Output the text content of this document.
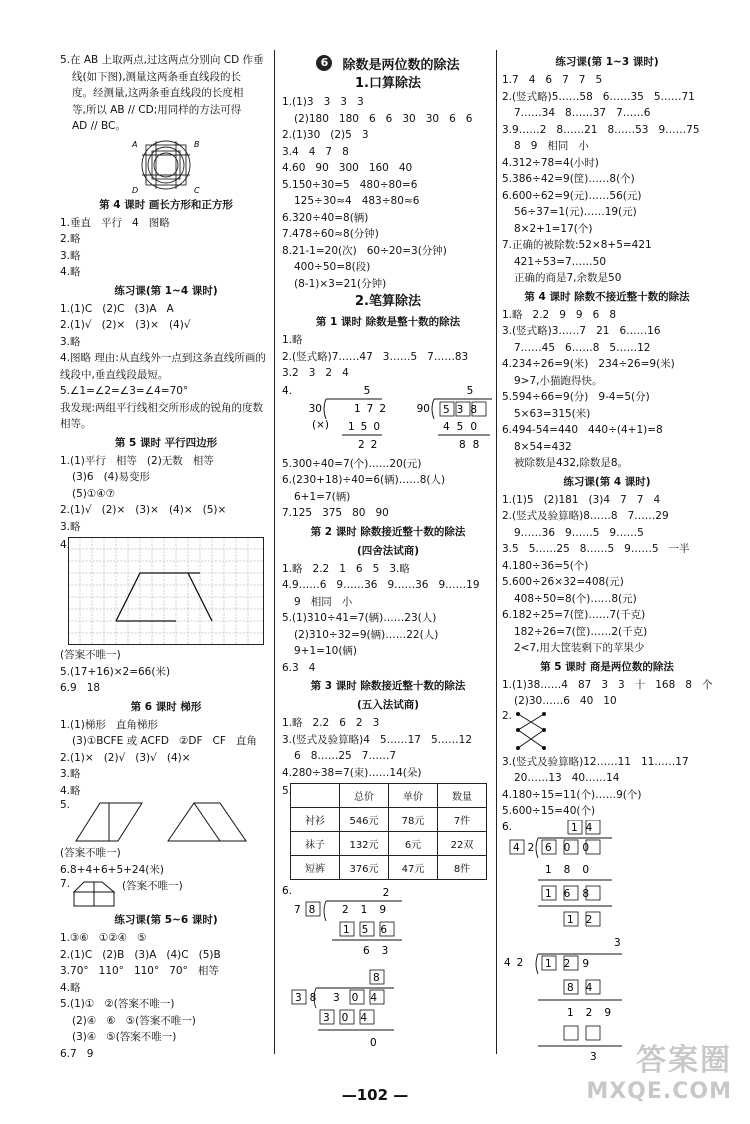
5.在 AB 上取两点,过这两点分别向 CD 作垂
线(如下图),测量这两条垂直线段的长
度。经测量,这两条垂直线段的长度相
等,所以 AB // CD;用同样的方法可得
AD // BC。
A	B
D	C
第 4 课时 画长方形和正方形
1.垂直   平行   4   图略
2.略
3.略
4.略
练习课(第 1~4 课时)
1.(1)C   (2)C   (3)A   A
2.(1)√   (2)×   (3)×   (4)√
3.略
4.图略 理由:从直线外一点到这条直线所画的线段中,垂直线段最短。
5.∠1=∠2=∠3=∠4=70°
我发现:两组平行线相交所形成的锐角的度数相等。
第 5 课时 平行四边形
1.(1)平行   相等   (2)无数   相等
(3)6   (4)易变形
(5)①④⑦
2.(1)√   (2)×   (3)×   (4)×   (5)×
3.略
4.
(答案不唯一)
5.(17+16)×2=66(米)
6.9   18
第 6 课时 梯形
1.(1)梯形   直角梯形
(3)①BCFE 或 ACFD   ②DF   CF   直角
2.(1)×   (2)√   (3)√   (4)×
3.略
4.略
5.
(答案不唯一)
6.8+4+6+5+24(米)
7.	(答案不唯一)
练习课(第 5~6 课时)
1.③⑥   ①②④   ⑤
2.(1)C   (2)B   (3)A   (4)C   (5)B
3.70°   110°   110°   70°   相等
4.略
5.(1)①   ②(答案不唯一)
(2)④   ⑥   ⑤(答案不唯一)
(3)④   ⑤(答案不唯一)
6.7   9
6	除数是两位数的除法
1.口算除法
1.(1)3   3   3   3
(2)180   180   6   6   30   30   6   6
2.(1)30   (2)5   3
3.4   4   7   8
4.60   90   300   160   40
5.150÷30=5   480÷80=6
125÷30≈4   483÷80≈6
6.320÷40=8(辆)
7.478÷60≈8(分钟)
8.21-1=20(次)   60÷20=3(分钟)
400÷50=8(段)
(8-1)×3=21(分钟)
2.笔算除法
第 1 课时 除数是整十数的除法
1.略
2.(竖式略)7……47   3……5   7……83
3.2   3   2   4
4.	5
30	172
(×) 150
22
5
90 538
450
88
5.300÷40=7(个)……20(元)
6.(230+18)÷40=6(辆)……8(人)
6+1=7(辆)
7.125   375   80   90
第 2 课时 除数接近整十数的除法
(四舍法试商)
1.略   2.2   1   6   5   3.略
4.9……6   9……36   9……36   9……19
9   相同   小
5.(1)310÷41=7(辆)……23(人)
(2)310÷32=9(辆)……22(人)
9+1=10(辆)
6.3   4
第 3 课时 除数接近整十数的除法
(五入法试商)
1.略   2.2   6   2   3
3.(竖式及验算略)4   5……17   5……12
6   8……25   7……7
4.280÷38=7(束)……14(朵)
5.
	总价	单价	数量
衬衫	546元	78元	7件
袜子	132元	6元	22双
短裤	376元	47元	8件
6.	2
78 219
156
63
8
38 304
304
0
练习课(第 1~3 课时)
1.7   4   6   7   7   5
2.(竖式略)5……58   6……35   5……71
7……34   8……37   7……6
3.9……2   8……21   8……53   9……75
8   9   相同   小
4.312÷78=4(小时)
5.386÷42=9(筐)……8(个)
6.600÷62=9(元)……56(元)
56÷37=1(元)……19(元)
8×2+1=17(个)
7.正确的被除数:52×8+5=421
421÷53=7……50
正确的商是7,余数是50
第 4 课时 除数不接近整十数的除法
1.略   2.2   9   9   6   8
3.(竖式略)3……7   21   6……16
7……45   6……8   5……12
4.234÷26=9(米)   234÷26=9(米)
9>7,小猫跑得快。
5.594÷66=9(分)   9-4=5(分)
5×63=315(米)
6.494-54=440   440÷(4+1)=8
8×54=432
被除数是432,除数是8。
练习课(第 4 课时)
1.(1)5   (2)181   (3)4   7   7   4
2.(竖式及验算略)8……8   7……29
9……36   9……5   9……5
3.5   5……25   8……5   9……5   一半
4.180÷36=5(个)
5.600÷26×32=408(元)
408÷50=8(个)……8(元)
6.182÷25=7(筐)……7(千克)
182÷26=7(筐)……2(千克)
2<7,用大筐装剩下的苹果少
第 5 课时 商是两位数的除法
1.(1)38……4   87   3   3   十   168   8   个
(2)30……6   40   10
2.
3.(竖式及验算略)12……11   11……17
20……13   40……14
4.180÷15=11(个)……9(个)
5.600÷15=40(个)
6.	14
42 600
180
168
12
3
42 129
84
129
3
—102 —
答案圈
MXQE.COM
